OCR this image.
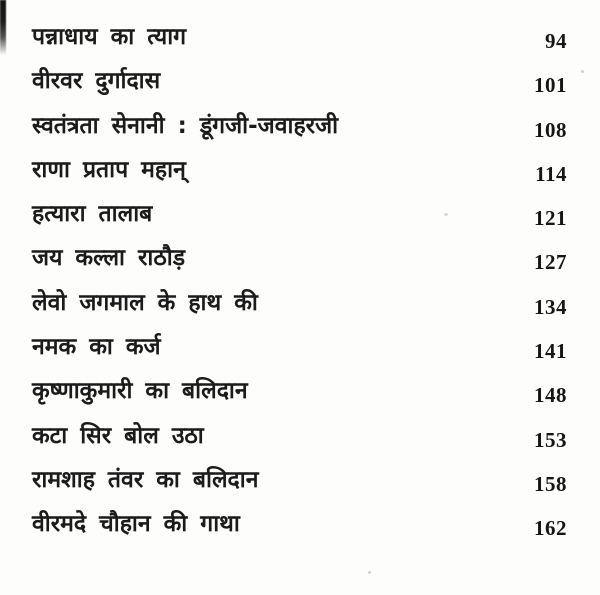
पन्नाधाय का त्याग	94
वीरवर दुर्गादास	101
स्वतंत्रता सेनानी : डूंगजी-जवाहरजी	108
राणा प्रताप महान्	114
हत्यारा तालाब	121
जय कल्ला राठौड़	127
लेवो जगमाल के हाथ की	134
नमक का कर्ज	141
कृष्णाकुमारी का बलिदान	148
कटा सिर बोल उठा	153
रामशाह तंवर का बलिदान	158
वीरमदे चौहान की गाथा	162
